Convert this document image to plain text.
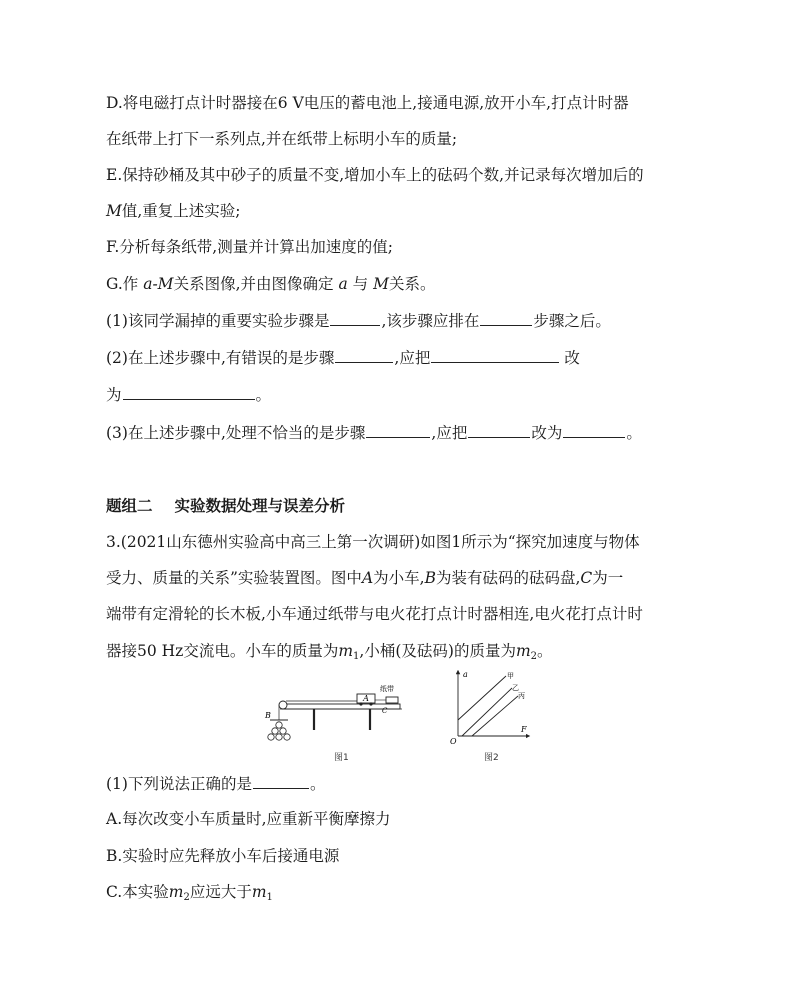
D.将电磁打点计时器接在6 V电压的蓄电池上,接通电源,放开小车,打点计时器
在纸带上打下一系列点,并在纸带上标明小车的质量;
E.保持砂桶及其中砂子的质量不变,增加小车上的砝码个数,并记录每次增加后的
M值,重复上述实验;
F.分析每条纸带,测量并计算出加速度的值;
G.作 a-M关系图像,并由图像确定 a 与 M关系。
(1)该同学漏掉的重要实验步骤是	,该步骤应排在	步骤之后。
(2)在上述步骤中,有错误的是步骤	,应把	改
为	。
(3)在上述步骤中,处理不恰当的是步骤	,应把	改为	。
题组二 实验数据处理与误差分析
3.(2021山东德州实验高中高三上第一次调研)如图1所示为“探究加速度与物体
受力、质量的关系”实验装置图。图中A为小车,B为装有砝码的砝码盘,C为一
端带有定滑轮的长木板,小车通过纸带与电火花打点计时器相连,电火花打点计时
器接50 Hz交流电。小车的质量为$m_1$,小桶(及砝码)的质量为$m_2$。
A
B	C
纸带
图1
a
F
O
甲
乙
丙
图2
(1)下列说法正确的是	。
A.每次改变小车质量时,应重新平衡摩擦力
B.实验时应先释放小车后接通电源
C.本实验$m_2$应远大于$m_1$
